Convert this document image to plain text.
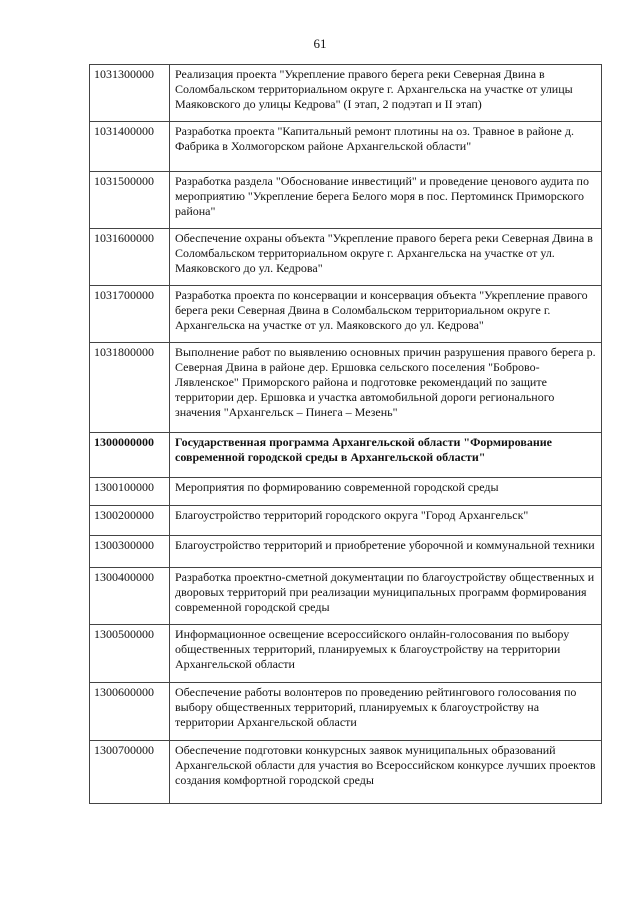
61
1031300000	Реализация проекта "Укрепление правого берега реки Северная Двина в Соломбальском территориальном округе г. Архангельска на участке от улицы Маяковского до улицы Кедрова" (I этап, 2 подэтап и II этап)
1031400000	Разработка проекта "Капитальный ремонт плотины на оз. Травное в районе д. Фабрика в Холмогорском районе Архангельской области"
1031500000	Разработка раздела "Обоснование инвестиций" и проведение ценового аудита по мероприятию "Укрепление берега Белого моря в пос. Пертоминск Приморского района"
1031600000	Обеспечение охраны объекта "Укрепление правого берега реки Северная Двина в Соломбальском территориальном округе г. Архангельска на участке от ул. Маяковского до ул. Кедрова"
1031700000	Разработка проекта по консервации и консервация объекта "Укрепление правого берега реки Северная Двина в Соломбальском территориальном округе г. Архангельска на участке от ул. Маяковского до ул. Кедрова"
1031800000	Выполнение работ по выявлению основных причин разрушения правого берега р. Северная Двина в районе дер. Ершовка сельского поселения "Боброво-Лявленское" Приморского района и подготовке рекомендаций по защите территории дер. Ершовка и участка автомобильной дороги регионального значения "Архангельск – Пинега – Мезень"
1300000000	Государственная программа Архангельской области "Формирование современной городской среды в Архангельской области"
1300100000	Мероприятия по формированию современной городской среды
1300200000	Благоустройство территорий городского округа "Город Архангельск"
1300300000	Благоустройство территорий и приобретение уборочной и коммунальной техники
1300400000	Разработка проектно-сметной документации по благоустройству общественных и дворовых территорий при реализации муниципальных программ формирования современной городской среды
1300500000	Информационное освещение всероссийского онлайн-голосования по выбору общественных территорий, планируемых к благоустройству на территории Архангельской области
1300600000	Обеспечение работы волонтеров по проведению рейтингового голосования по выбору общественных территорий, планируемых к благоустройству на территории Архангельской области
1300700000	Обеспечение подготовки конкурсных заявок муниципальных образований Архангельской области для участия во Всероссийском конкурсе лучших проектов создания комфортной городской среды
